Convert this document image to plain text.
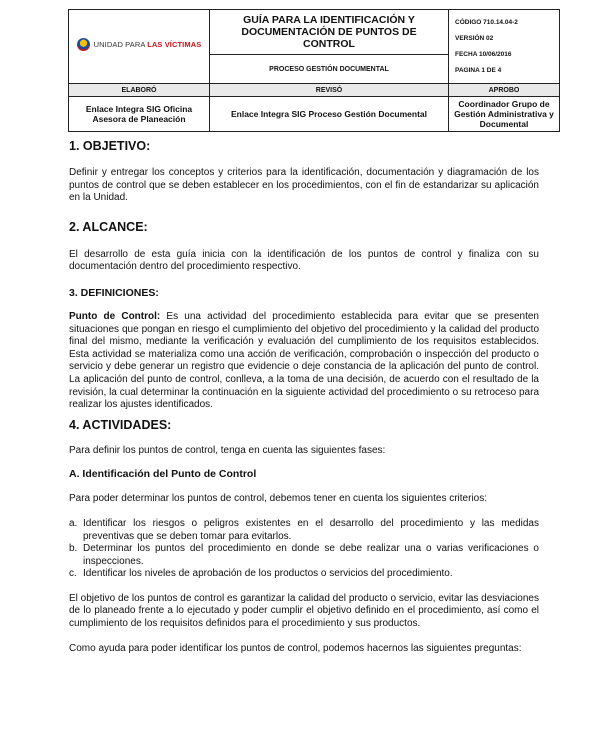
UNIDAD PARA LAS VÍCTIMAS	GUÍA PARA LA IDENTIFICACIÓN Y DOCUMENTACIÓN DE PUNTOS DE CONTROL	CÓDIGO 710.14.04-2
VERSIÓN 02
FECHA 10/06/2016
PAGINA 1 DE 4

	PROCESO GESTIÓN DOCUMENTAL	
ELABORÓ	REVISÓ	APROBO
Enlace Integra SIG Oficina Asesora de Planeación	Enlace Integra SIG Proceso Gestión Documental	Coordinador Grupo de Gestión Administrativa y Documental
1. OBJETIVO:

Definir y entregar los conceptos y criterios para la identificación, documentación y diagramación de los puntos de control que se deben establecer en los procedimientos, con el fin de estandarizar su aplicación en la Unidad.

2. ALCANCE:

El desarrollo de esta guía inicia con la identificación de los puntos de control y finaliza con su documentación dentro del procedimiento respectivo.

3. DEFINICIONES:

Punto de Control: Es una actividad del procedimiento establecida para evitar que se presenten situaciones que pongan en riesgo el cumplimiento del objetivo del procedimiento y la calidad del producto final del mismo, mediante la verificación y evaluación del cumplimiento de los requisitos establecidos. Esta actividad se materializa como una acción de verificación, comprobación o inspección del producto o servicio y debe generar un registro que evidencie o deje constancia de la aplicación del punto de control. La aplicación del punto de control, conlleva, a la toma de una decisión, de acuerdo con el resultado de la revisión, la cual determinar la continuación en la siguiente actividad del procedimiento o su retroceso para realizar los ajustes identificados.

4. ACTIVIDADES:

Para definir los puntos de control, tenga en cuenta las siguientes fases:

A. Identificación del Punto de Control

Para poder determinar los puntos de control, debemos tener en cuenta los siguientes criterios:

a. Identificar los riesgos o peligros existentes en el desarrollo del procedimiento y las medidas preventivas que se deben tomar para evitarlos.
b. Determinar los puntos del procedimiento en donde se debe realizar una o varias verificaciones o inspecciones.
c. Identificar los niveles de aprobación de los productos o servicios del procedimiento.

El objetivo de los puntos de control es garantizar la calidad del producto o servicio, evitar las desviaciones de lo planeado frente a lo ejecutado y poder cumplir el objetivo definido en el procedimiento, así como el cumplimiento de los requisitos definidos para el procedimiento y sus productos.

Como ayuda para poder identificar los puntos de control, podemos hacernos las siguientes preguntas:
